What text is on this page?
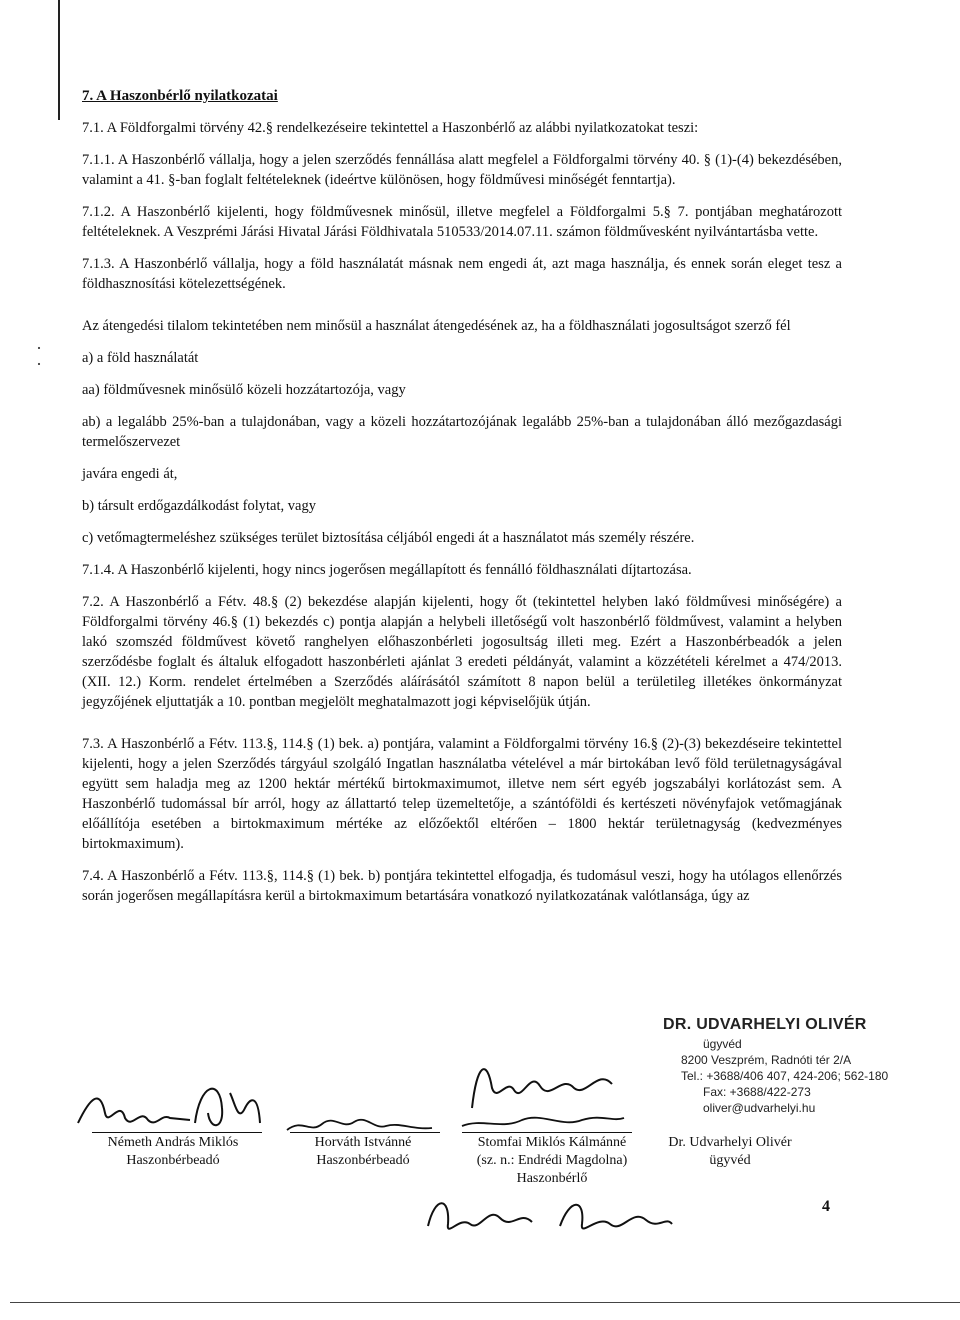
·
·
7. A Haszonbérlő nyilatkozatai
7.1. A Földforgalmi törvény 42.§ rendelkezéseire tekintettel a Haszonbérlő az alábbi nyilatkozatokat teszi:
7.1.1. A Haszonbérlő vállalja, hogy a jelen szerződés fennállása alatt megfelel a Földforgalmi törvény 40. § (1)-(4) bekezdésében, valamint a 41. §-ban foglalt feltételeknek (ideértve különösen, hogy földművesi minőségét fenntartja).
7.1.2. A Haszonbérlő kijelenti, hogy földművesnek minősül, illetve megfelel a Földforgalmi 5.§ 7. pontjában meghatározott feltételeknek. A Veszprémi Járási Hivatal Járási Földhivatala 510533/2014.07.11. számon földművesként nyilvántartásba vette.
7.1.3. A Haszonbérlő vállalja, hogy a föld használatát másnak nem engedi át, azt maga használja, és ennek során eleget tesz a földhasznosítási kötelezettségének.
Az átengedési tilalom tekintetében nem minősül a használat átengedésének az, ha a földhasználati jogosultságot szerző fél
a) a föld használatát
aa) földművesnek minősülő közeli hozzátartozója, vagy
ab) a legalább 25%-ban a tulajdonában, vagy a közeli hozzátartozójának legalább 25%-ban a tulajdonában álló mezőgazdasági termelőszervezet
javára engedi át,
b) társult erdőgazdálkodást folytat, vagy
c) vetőmagtermeléshez szükséges terület biztosítása céljából engedi át a használatot más személy részére.
7.1.4. A Haszonbérlő kijelenti, hogy nincs jogerősen megállapított és fennálló földhasználati díjtartozása.
7.2. A Haszonbérlő a Fétv. 48.§ (2) bekezdése alapján kijelenti, hogy őt (tekintettel helyben lakó földművesi minőségére) a Földforgalmi törvény 46.§ (1) bekezdés c) pontja alapján a helybeli illetőségű volt haszonbérlő földművest, valamint a helyben lakó szomszéd földművest követő ranghelyen előhaszonbérleti jogosultság illeti meg. Ezért a Haszonbérbeadók a jelen szerződésbe foglalt és általuk elfogadott haszonbérleti ajánlat 3 eredeti példányát, valamint a közzétételi kérelmet a 474/2013. (XII. 12.) Korm. rendelet értelmében a Szerződés aláírásától számított 8 napon belül a területileg illetékes önkormányzat jegyzőjének eljuttatják a 10. pontban megjelölt meghatalmazott jogi képviselőjük útján.
7.3. A Haszonbérlő a Fétv. 113.§, 114.§ (1) bek. a) pontjára, valamint a Földforgalmi törvény 16.§ (2)-(3) bekezdéseire tekintettel kijelenti, hogy a jelen Szerződés tárgyául szolgáló Ingatlan használatba vételével a már birtokában levő föld területnagyságával együtt sem haladja meg az 1200 hektár mértékű birtokmaximumot, illetve nem sért egyéb jogszabályi korlátozást sem. A Haszonbérlő tudomással bír arról, hogy az állattartó telep üzemeltetője, a szántóföldi és kertészeti növényfajok vetőmagjának előállítója esetében a birtokmaximum mértéke az előzőektől eltérően – 1800 hektár területnagyság (kedvezményes birtokmaximum).
7.4. A Haszonbérlő a Fétv. 113.§, 114.§ (1) bek. b) pontjára tekintettel elfogadja, és tudomásul veszi, hogy ha utólagos ellenőrzés során jogerősen megállapításra kerül a birtokmaximum betartására vonatkozó nyilatkozatának valótlansága, úgy az
DR. UDVARHELYI OLIVÉR
ügyvéd
8200 Veszprém, Radnóti tér 2/A
Tel.: +3688/406 407, 424-206; 562-180
Fax: +3688/422-273
oliver@udvarhelyi.hu
Németh András Miklós
Haszonbérbeadó
Horváth Istvánné
Haszonbérbeadó
Stomfai Miklós Kálmánné
(sz. n.: Endrédi Magdolna)
Haszonbérlő
Dr. Udvarhelyi Olivér
ügyvéd
4
